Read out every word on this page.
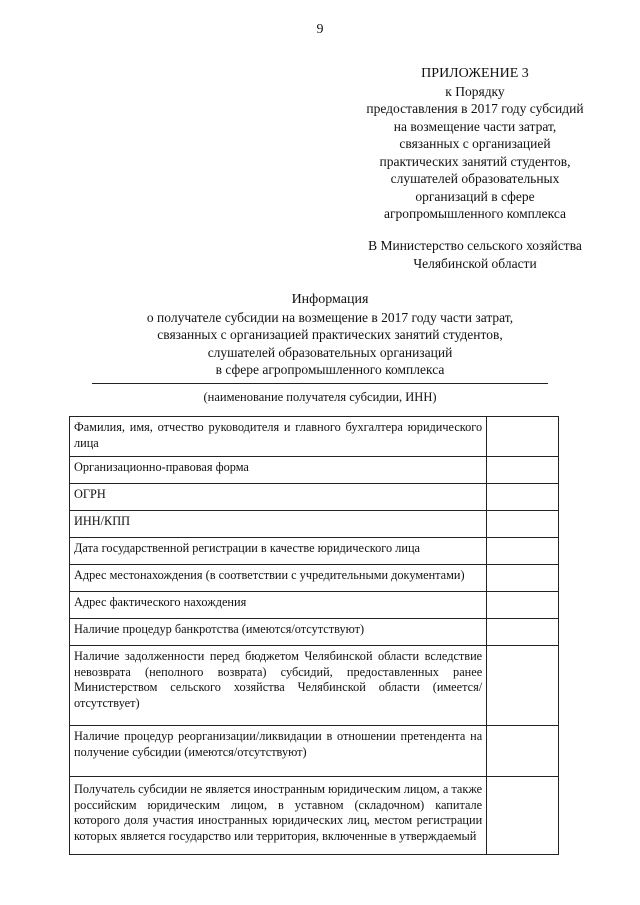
9
ПРИЛОЖЕНИЕ 3
к Порядку
предоставления в 2017 году субсидий
на возмещение части затрат,
связанных с организацией
практических занятий студентов,
слушателей образовательных
организаций в сфере
агропромышленного комплекса
В Министерство сельского хозяйства
Челябинской области
Информация
о получателе субсидии на возмещение в 2017 году части затрат,
связанных с организацией практических занятий студентов,
слушателей образовательных организаций
в сфере агропромышленного комплекса
(наименование получателя субсидии, ИНН)
Фамилия, имя, отчество руководителя и главного бухгалтера юридического лица	
Организационно-правовая форма	
ОГРН	
ИНН/КПП	
Дата государственной регистрации в качестве юридического лица	
Адрес местонахождения (в соответствии с учредительными документами)	
Адрес фактического нахождения	
Наличие процедур банкротства (имеются/отсутствуют)	
Наличие задолженности перед бюджетом Челябинской области вследствие невозврата (неполного возврата) субсидий, предоставленных ранее Министерством сельского хозяйства Челябинской области (имеется/отсутствует)	
Наличие процедур реорганизации/ликвидации в отношении претендента на получение субсидии (имеются/отсутствуют)	
Получатель субсидии не является иностранным юридическим лицом, а также российским юридическим лицом, в уставном (складочном) капитале которого доля участия иностранных юридических лиц, местом регистрации которых является государство или территория, включенные в утверждаемый	
